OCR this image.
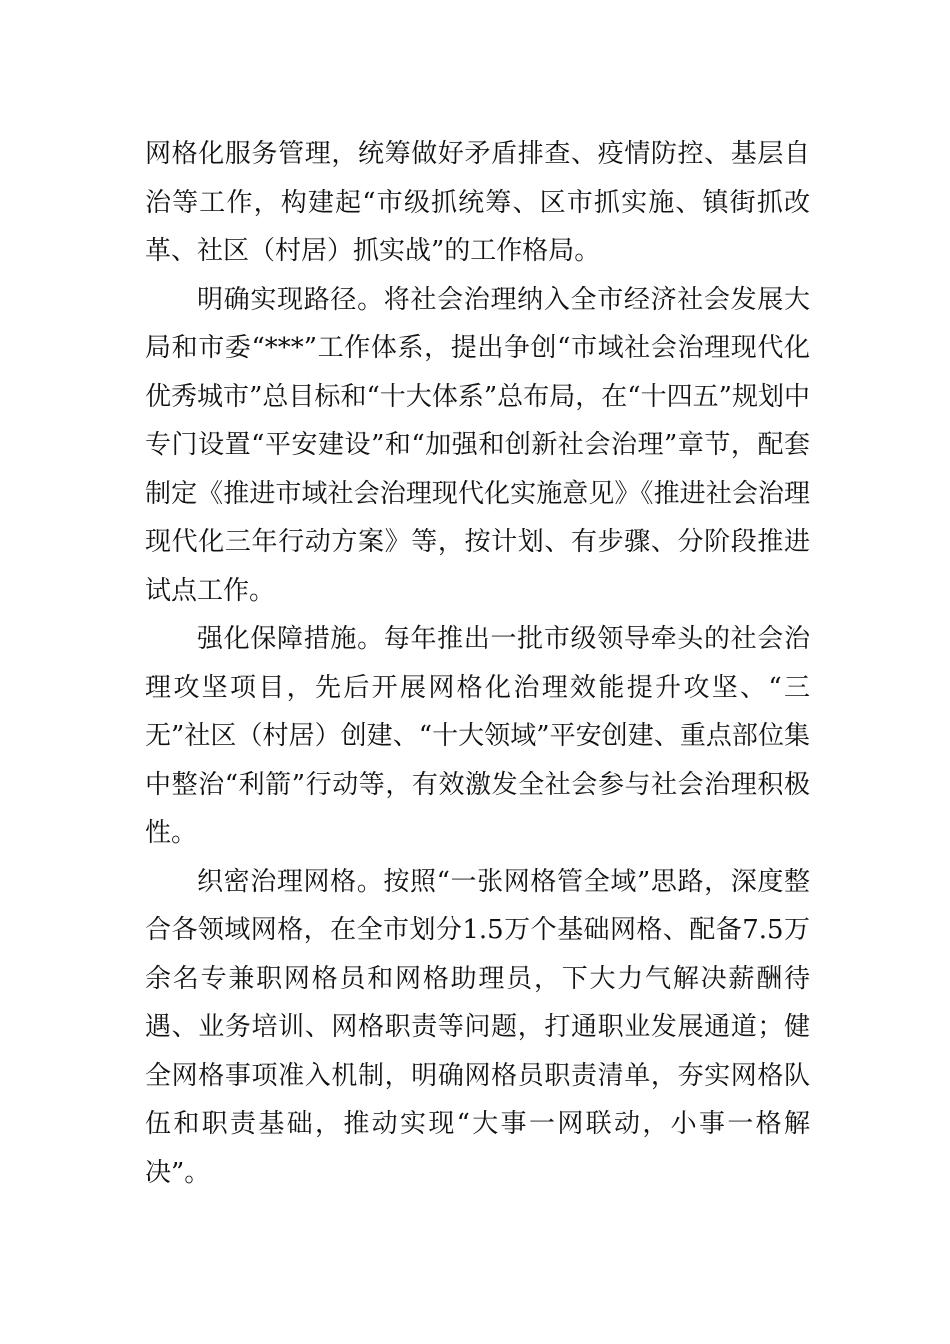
网格化服务管理，统筹做好矛盾排查、疫情防控、基层自治等工作，构建起“市级抓统筹、区市抓实施、镇街抓改革、社区（村居）抓实战”的工作格局。

明确实现路径。将社会治理纳入全市经济社会发展大局和市委“***”工作体系，提出争创“市域社会治理现代化优秀城市”总目标和“十大体系”总布局，在“十四五”规划中专门设置“平安建设”和“加强和创新社会治理”章节，配套制定《推进市域社会治理现代化实施意见》《推进社会治理现代化三年行动方案》等，按计划、有步骤、分阶段推进试点工作。

强化保障措施。每年推出一批市级领导牵头的社会治理攻坚项目，先后开展网格化治理效能提升攻坚、“三无”社区（村居）创建、“十大领域”平安创建、重点部位集中整治“利箭”行动等，有效激发全社会参与社会治理积极性。

织密治理网格。按照“一张网格管全域”思路，深度整合各领域网格，在全市划分1.5万个基础网格、配备7.5万余名专兼职网格员和网格助理员，下大力气解决薪酬待遇、业务培训、网格职责等问题，打通职业发展通道；健全网格事项准入机制，明确网格员职责清单，夯实网格队伍和职责基础，推动实现“大事一网联动，小事一格解决”。
